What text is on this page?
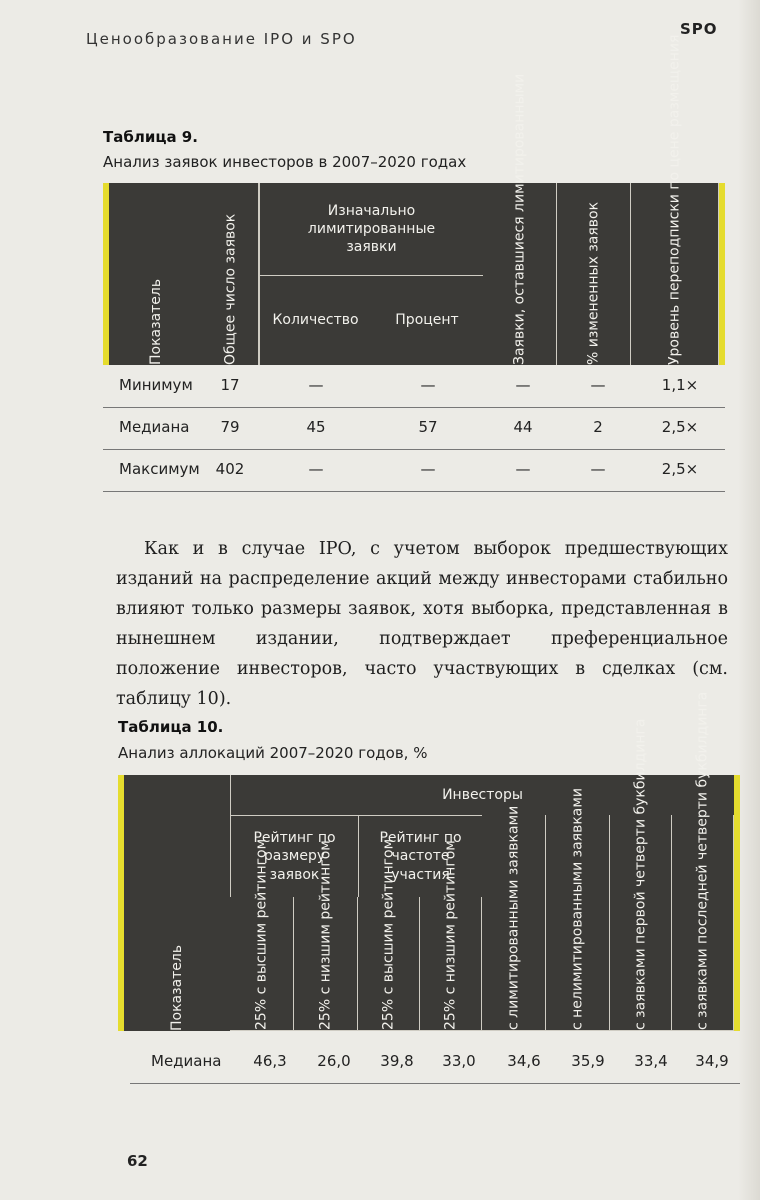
Ценообразование IPO и SPO
SPO
Таблица 9.
Анализ заявок инвесторов в 2007–2020 годах
Показатель	Общее число заявок
Изначально лимитированные заявки
Количество	Процент	Заявки, оставшиеся лимитированными	% измененных заявок	Уровень переподписки по цене размещения
Минимум 17	—	—	—	—	1,1×
Медиана 79	45	57	44	2	2,5×
Максимум 402	—	—	—	—	2,5×
Как и в случае IPO, с учетом выборок предшествующих изданий на распределение акций между инвесторами стабильно влияют только размеры заявок, хотя выборка, представленная в нынешнем издании, подтверждает преференциальное положение инвесторов, часто участвующих в сделках (см. таблицу 10).
Таблица 10.
Анализ аллокаций 2007–2020 годов, %
Показатель
Инвесторы
Рейтинг по размеру заявок
Рейтинг по частоте участия
25% с высшим рейтингом	25% с низшим рейтингом	25% с высшим рейтингом	25% с низшим рейтингом	с лимитированными заявками	с нелимитированными заявками	с заявками первой четверти букбилдинга	с заявками последней четверти букбилдинга
Медиана 46,3 26,0 39,8 33,0 34,6 35,9 33,4 34,9
62
